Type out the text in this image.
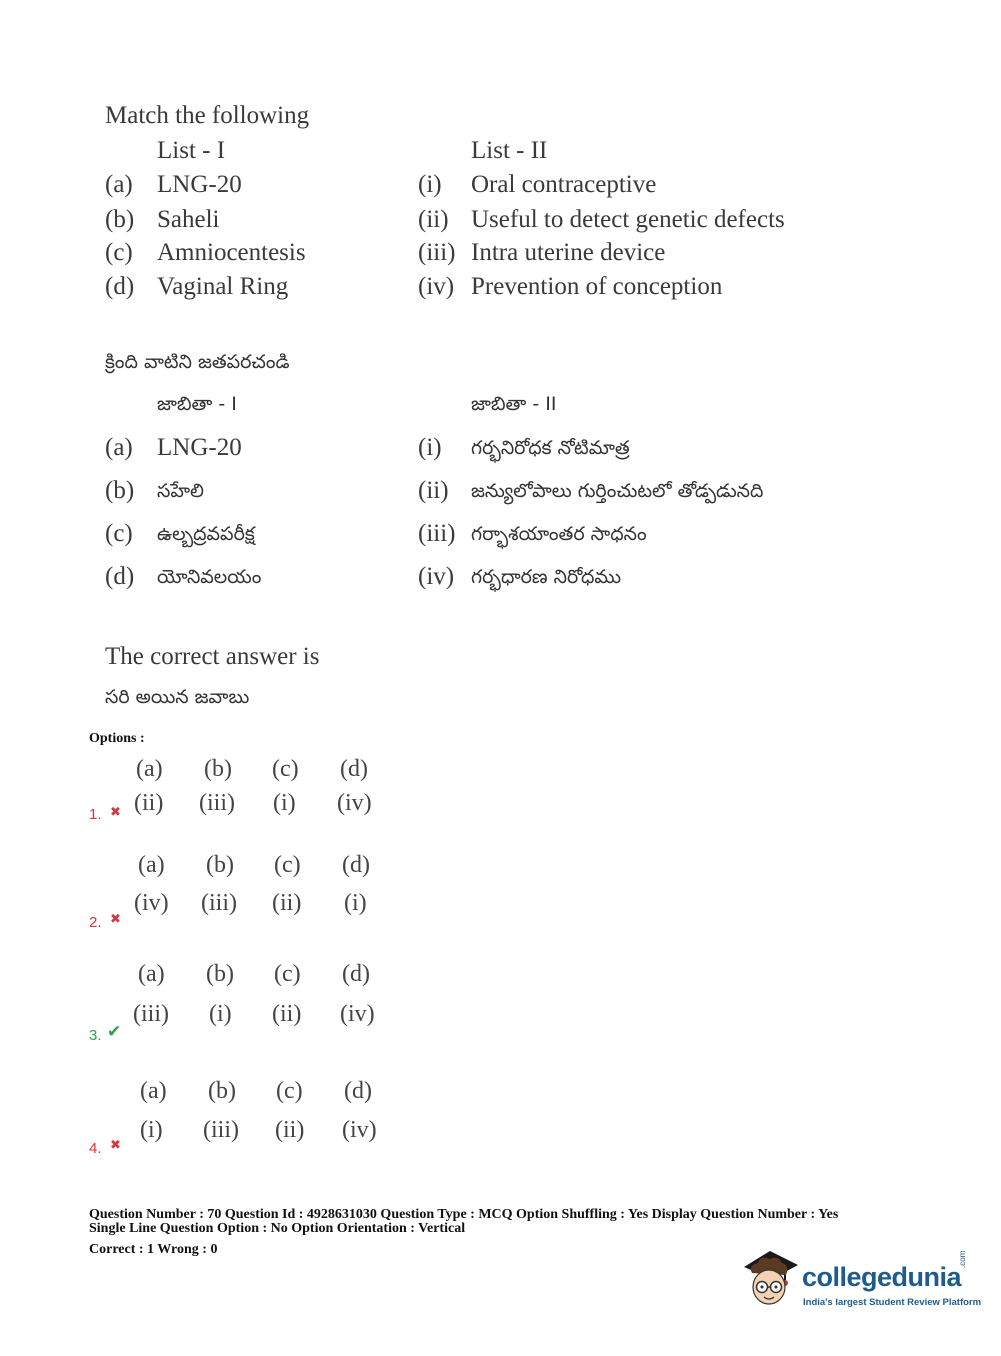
Match the following
List - I	List - II
(a) LNG-20
(b) Saheli
(c) Amniocentesis
(d) Vaginal Ring
(i) Oral contraceptive
(ii) Useful to detect genetic defects
(iii) Intra uterine device
(iv) Prevention of conception
క్రింది వాటిని జతపరచండి
జాబితా - I	జాబితా - II
(a) LNG-20
(b) సహేలి
(c) ఉల్బద్రవపరీక్ష
(d) యోనివలయం
(i) గర్భనిరోధక నోటిమాత్ర
(ii) జన్యులోపాలు గుర్తించుటలో తోడ్పడునది
(iii) గర్భాశయాంతర సాధనం
(iv) గర్భధారణ నిరోధము
The correct answer is
సరి అయిన జవాబు
Options :
(a) (b) (c) (d)
(ii) (iii) (i) (iv)
1. ✖
(a) (b) (c) (d)
(iv) (iii) (ii) (i)
2. ✖
(a) (b) (c) (d)
(iii) (i) (ii) (iv)
3. ✔
(a) (b) (c) (d)
(i) (iii) (ii) (iv)
4. ✖
Question Number : 70 Question Id : 4928631030 Question Type : MCQ Option Shuffling : Yes Display Question Number : Yes
Single Line Question Option : No Option Orientation : Vertical
Correct : 1 Wrong : 0
collegedunia
.com
India's largest Student Review Platform
